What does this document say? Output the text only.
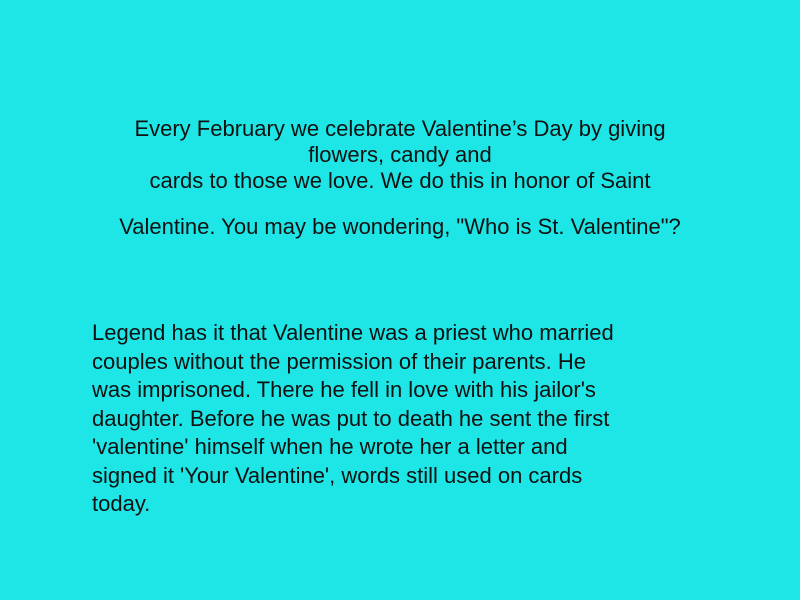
Every February we celebrate Valentine’s Day by giving
flowers, candy and
cards to those we love. We do this in honor of Saint
Valentine. You may be wondering, "Who is St. Valentine"?
Legend has it that Valentine was a priest who married
couples without the permission of their parents. He
was imprisoned. There he fell in love with his jailor's
daughter. Before he was put to death he sent the first
'valentine' himself when he wrote her a letter and
signed it 'Your Valentine', words still used on cards
today.
